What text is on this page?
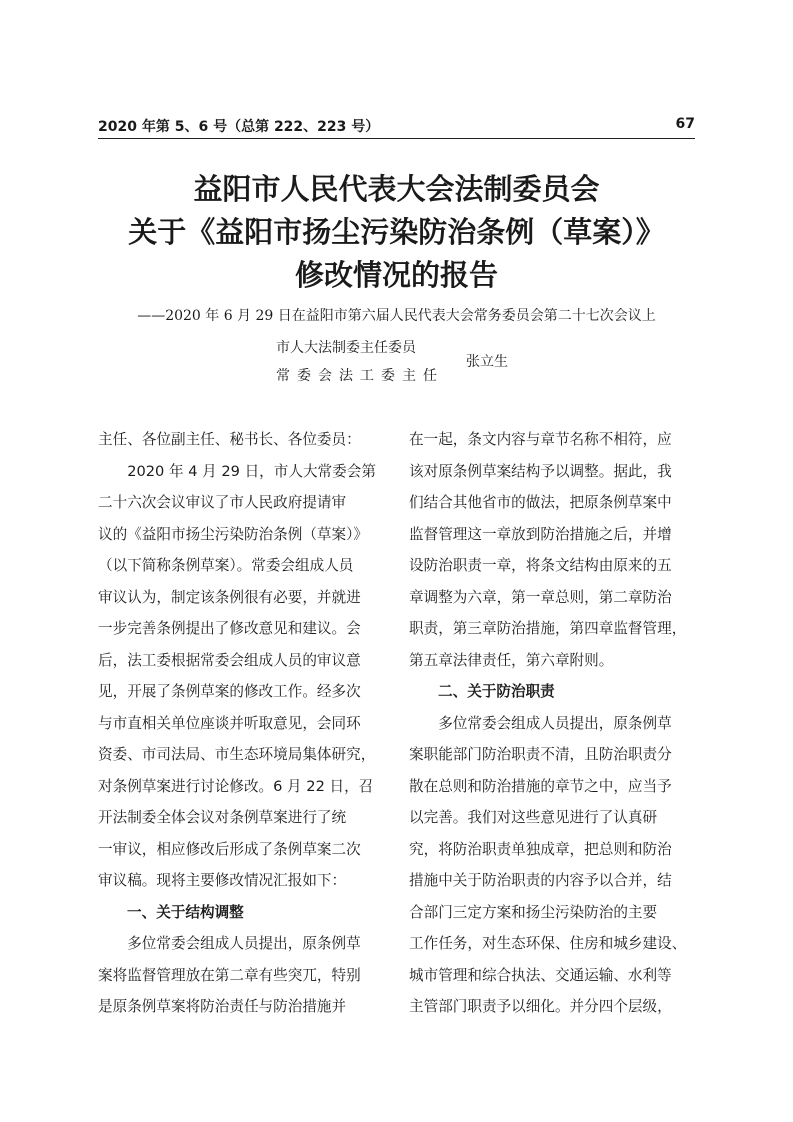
2020 年第 5、6 号（总第 222、223 号）	67
益阳市人民代表大会法制委员会
关于《益阳市扬尘污染防治条例（草案）》
修改情况的报告
——2020 年 6 月 29 日在益阳市第六届人民代表大会常务委员会第二十七次会议上
市人大法制委主任委员
常委会法工委主任
张立生

主任、各位副主任、秘书长、各位委员：

　　2020 年 4 月 29 日，市人大常委会第

二十六次会议审议了市人民政府提请审

议的《益阳市扬尘污染防治条例（草案）》

（以下简称条例草案）。常委会组成人员

审议认为，制定该条例很有必要，并就进

一步完善条例提出了修改意见和建议。会

后，法工委根据常委会组成人员的审议意

见，开展了条例草案的修改工作。经多次

与市直相关单位座谈并听取意见，会同环

资委、市司法局、市生态环境局集体研究，

对条例草案进行讨论修改。6 月 22 日，召

开法制委全体会议对条例草案进行了统

一审议，相应修改后形成了条例草案二次

审议稿。现将主要修改情况汇报如下：

一、关于结构调整

　　多位常委会组成人员提出，原条例草

案将监督管理放在第二章有些突兀，特别

是原条例草案将防治责任与防治措施并

在一起，条文内容与章节名称不相符，应

该对原条例草案结构予以调整。据此，我

们结合其他省市的做法，把原条例草案中

监督管理这一章放到防治措施之后，并增

设防治职责一章，将条文结构由原来的五

章调整为六章，第一章总则，第二章防治

职责，第三章防治措施，第四章监督管理，

第五章法律责任，第六章附则。

二、关于防治职责

　　多位常委会组成人员提出，原条例草

案职能部门防治职责不清，且防治职责分

散在总则和防治措施的章节之中，应当予

以完善。我们对这些意见进行了认真研

究，将防治职责单独成章，把总则和防治

措施中关于防治职责的内容予以合并，结

合部门三定方案和扬尘污染防治的主要

工作任务，对生态环保、住房和城乡建设、

城市管理和综合执法、交通运输、水利等

主管部门职责予以细化。并分四个层级，
